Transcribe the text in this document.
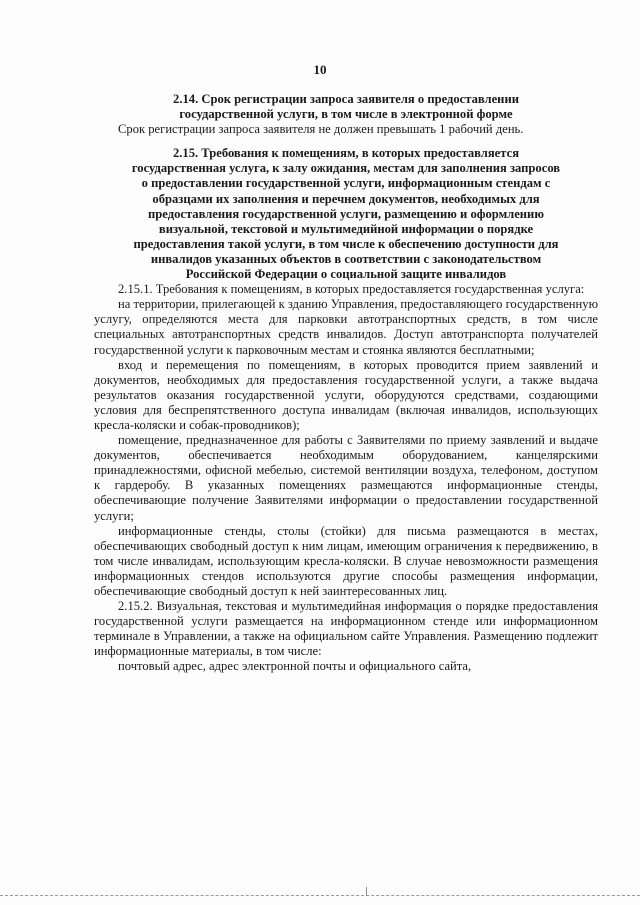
10

2.14. Срок регистрации запроса заявителя о предоставлении

государственной услуги, в том числе в электронной форме

Срок регистрации запроса заявителя не должен превышать 1 рабочий день.

2.15. Требования к помещениям, в которых предоставляется

государственная услуга, к залу ожидания, местам для заполнения запросов

о предоставлении государственной услуги, информационным стендам с

образцами их заполнения и перечнем документов, необходимых для

предоставления государственной услуги, размещению и оформлению

визуальной, текстовой и мультимедийной информации о порядке

предоставления такой услуги, в том числе к обеспечению доступности для

инвалидов указанных объектов в соответствии с законодательством

Российской Федерации о социальной защите инвалидов

2.15.1. Требования к помещениям, в которых предоставляется государственная услуга:

на территории, прилегающей к зданию Управления, предоставляющего государственную услугу, определяются места для парковки автотранспортных средств, в том числе специальных автотранспортных средств инвалидов. Доступ автотранспорта получателей государственной услуги к парковочным местам и стоянка являются бесплатными;

вход и перемещения по помещениям, в которых проводится прием заявлений и документов, необходимых для предоставления государственной услуги, а также выдача результатов оказания государственной услуги, оборудуются средствами, создающими условия для беспрепятственного доступа инвалидам (включая инвалидов, использующих кресла-коляски и собак-проводников);

помещение, предназначенное для работы с Заявителями по приему заявлений и выдаче документов, обеспечивается необходимым оборудованием, канцелярскими принадлежностями, офисной мебелью, системой вентиляции воздуха, телефоном, доступом к гардеробу. В указанных помещениях размещаются информационные стенды, обеспечивающие получение Заявителями информации о предоставлении государственной услуги;

информационные стенды, столы (стойки) для письма размещаются в местах, обеспечивающих свободный доступ к ним лицам, имеющим ограничения к передвижению, в том числе инвалидам, использующим кресла-коляски. В случае невозможности размещения информационных стендов используются другие способы размещения информации, обеспечивающие свободный доступ к ней заинтересованных лиц.

2.15.2. Визуальная, текстовая и мультимедийная информация о порядке предоставления государственной услуги размещается на информационном стенде или информационном терминале в Управлении, а также на официальном сайте Управления. Размещению подлежит информационные материалы, в том числе:

почтовый адрес, адрес электронной почты и официального сайта,
